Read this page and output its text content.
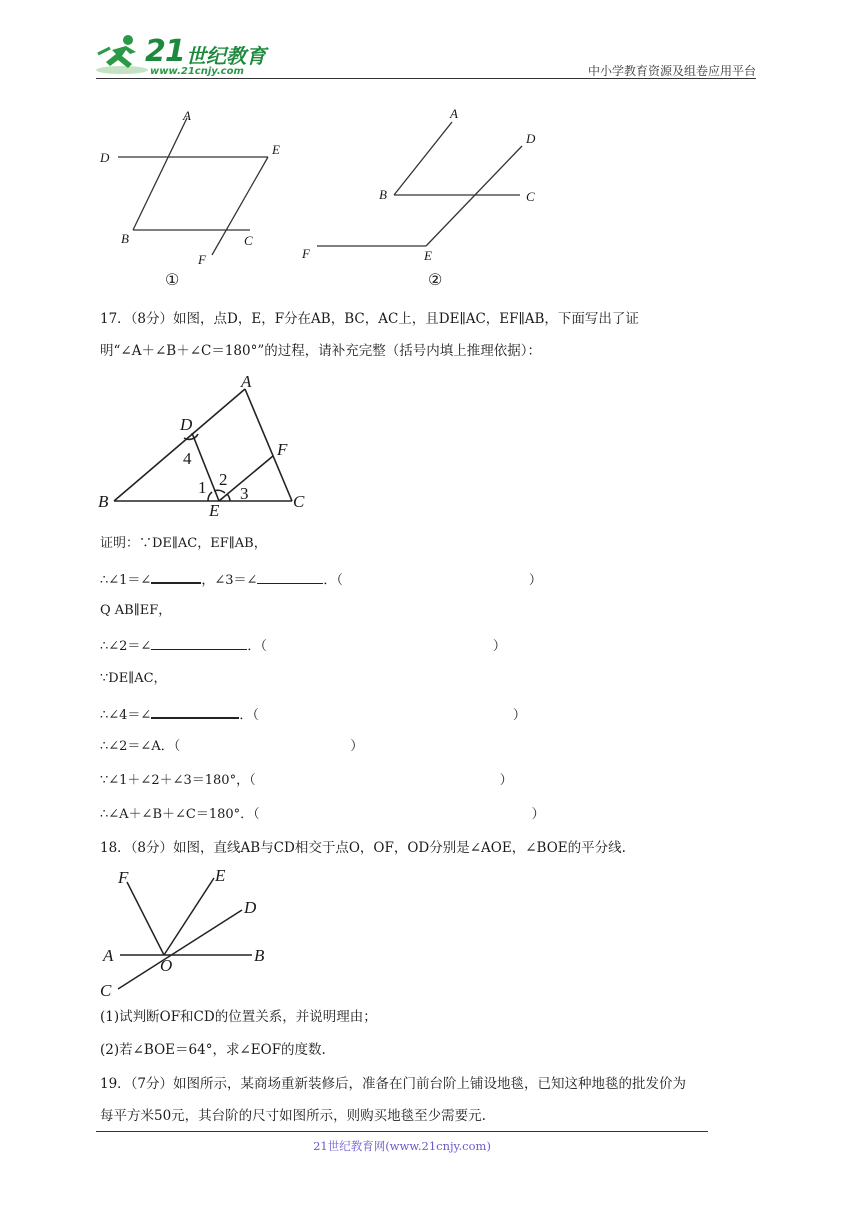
21 世纪教育
www.21cnjy.com	中小学教育资源及组卷应用平台
A
D
E
B	C
F
①
A
D
B	C
F	E
②
17．（8分）如图，点D，E，F分在AB，BC，AC上，且DE∥AC，EF∥AB，下面写出了证
明“∠A＋∠B＋∠C＝180°”的过程，请补充完整（括号内填上推理依据）：
A
D
F
4
2
1 3
B	E	C
证明：∵DE∥AC，EF∥AB，
∴∠1＝∠	，∠3＝∠	．（	）
Q AB∥EF，
∴∠2＝∠	．（	）
∵DE∥AC，
∴∠4＝∠	．（	）
∴∠2＝∠A．（	）
∵∠1＋∠2＋∠3＝180°，（	）
∴∠A＋∠B＋∠C＝180°．（	）
18．（8分）如图，直线AB与CD相交于点O，OF，OD分别是∠AOE，∠BOE的平分线.
F	E
D
A
O
B
C
(1)试判断OF和CD的位置关系，并说明理由；
(2)若∠BOE＝64°，求∠EOF的度数.
19．（7分）如图所示，某商场重新装修后，准备在门前台阶上铺设地毯，已知这种地毯的批发价为
每平方米50元，其台阶的尺寸如图所示，则购买地毯至少需要元.
21世纪教育网(www.21cnjy.com)
